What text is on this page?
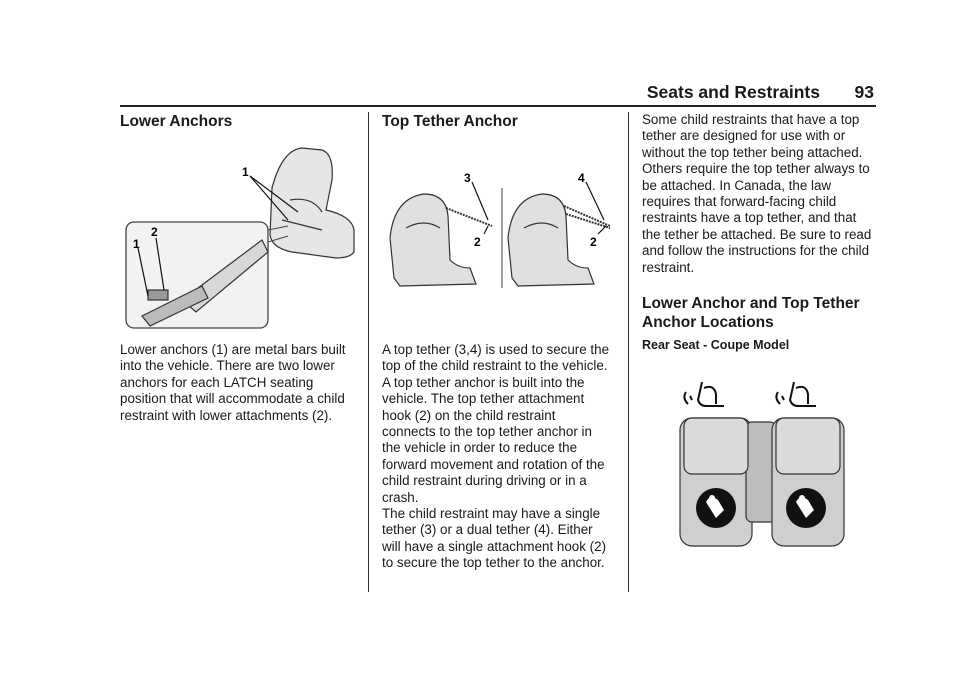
Seats and Restraints 93
Lower Anchors
1
2
1

Lower anchors (1) are metal bars built into the vehicle. There are two lower anchors for each LATCH seating position that will accommodate a child restraint with lower attachments (2).

Top Tether Anchor
3
2
4
2

A top tether (3,4) is used to secure the top of the child restraint to the vehicle. A top tether anchor is built into the vehicle. The top tether attachment hook (2) on the child restraint connects to the top tether anchor in the vehicle in order to reduce the forward movement and rotation of the child restraint during driving or in a crash.

The child restraint may have a single tether (3) or a dual tether (4). Either will have a single attachment hook (2) to secure the top tether to the anchor.

Some child restraints that have a top tether are designed for use with or without the top tether being attached. Others require the top tether always to be attached. In Canada, the law requires that forward-facing child restraints have a top tether, and that the tether be attached. Be sure to read and follow the instructions for the child restraint.

Lower Anchor and Top Tether Anchor Locations
Rear Seat - Coupe Model
